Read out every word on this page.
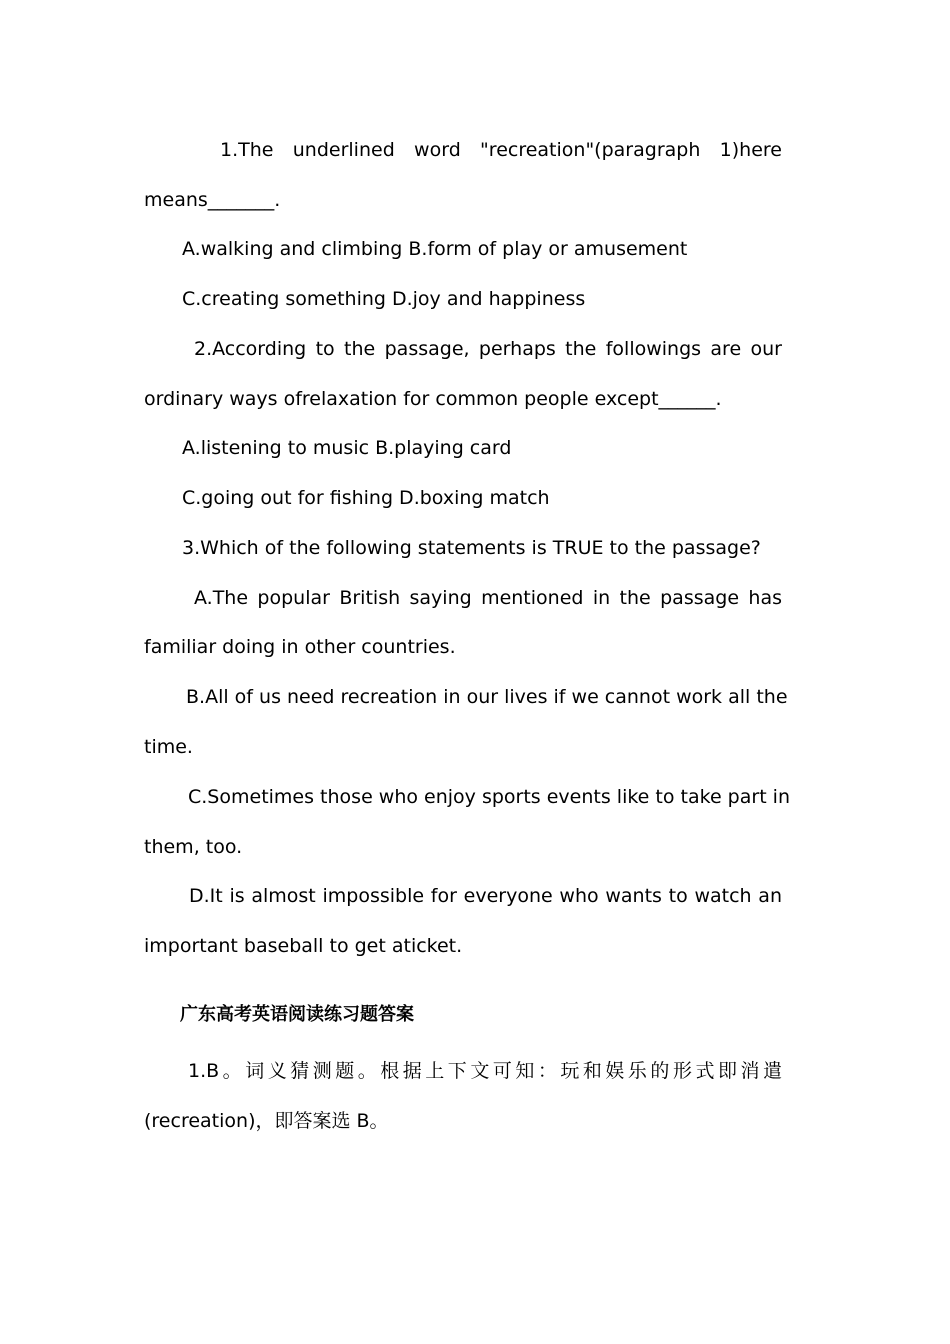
1.The underlined word "recreation"(paragraph 1)here
means_______.
A.walking and climbing B.form of play or amusement
C.creating something D.joy and happiness
2.According to the passage, perhaps the followings are our
ordinary ways ofrelaxation for common people except______.
A.listening to music B.playing card
C.going out for fishing D.boxing match
3.Which of the following statements is TRUE to the passage?
A.The popular British saying mentioned in the passage has
familiar doing in other countries.
B.All of us need recreation in our lives if we cannot work all the
time.
C.Sometimes those who enjoy sports events like to take part in
them, too.
D.It is almost impossible for everyone who wants to watch an
important baseball to get aticket.
广东高考英语阅读练习题答案
1.B。词义猜测题。根据上下文可知：玩和娱乐的形式即消遣
(recreation)，即答案选 B。
